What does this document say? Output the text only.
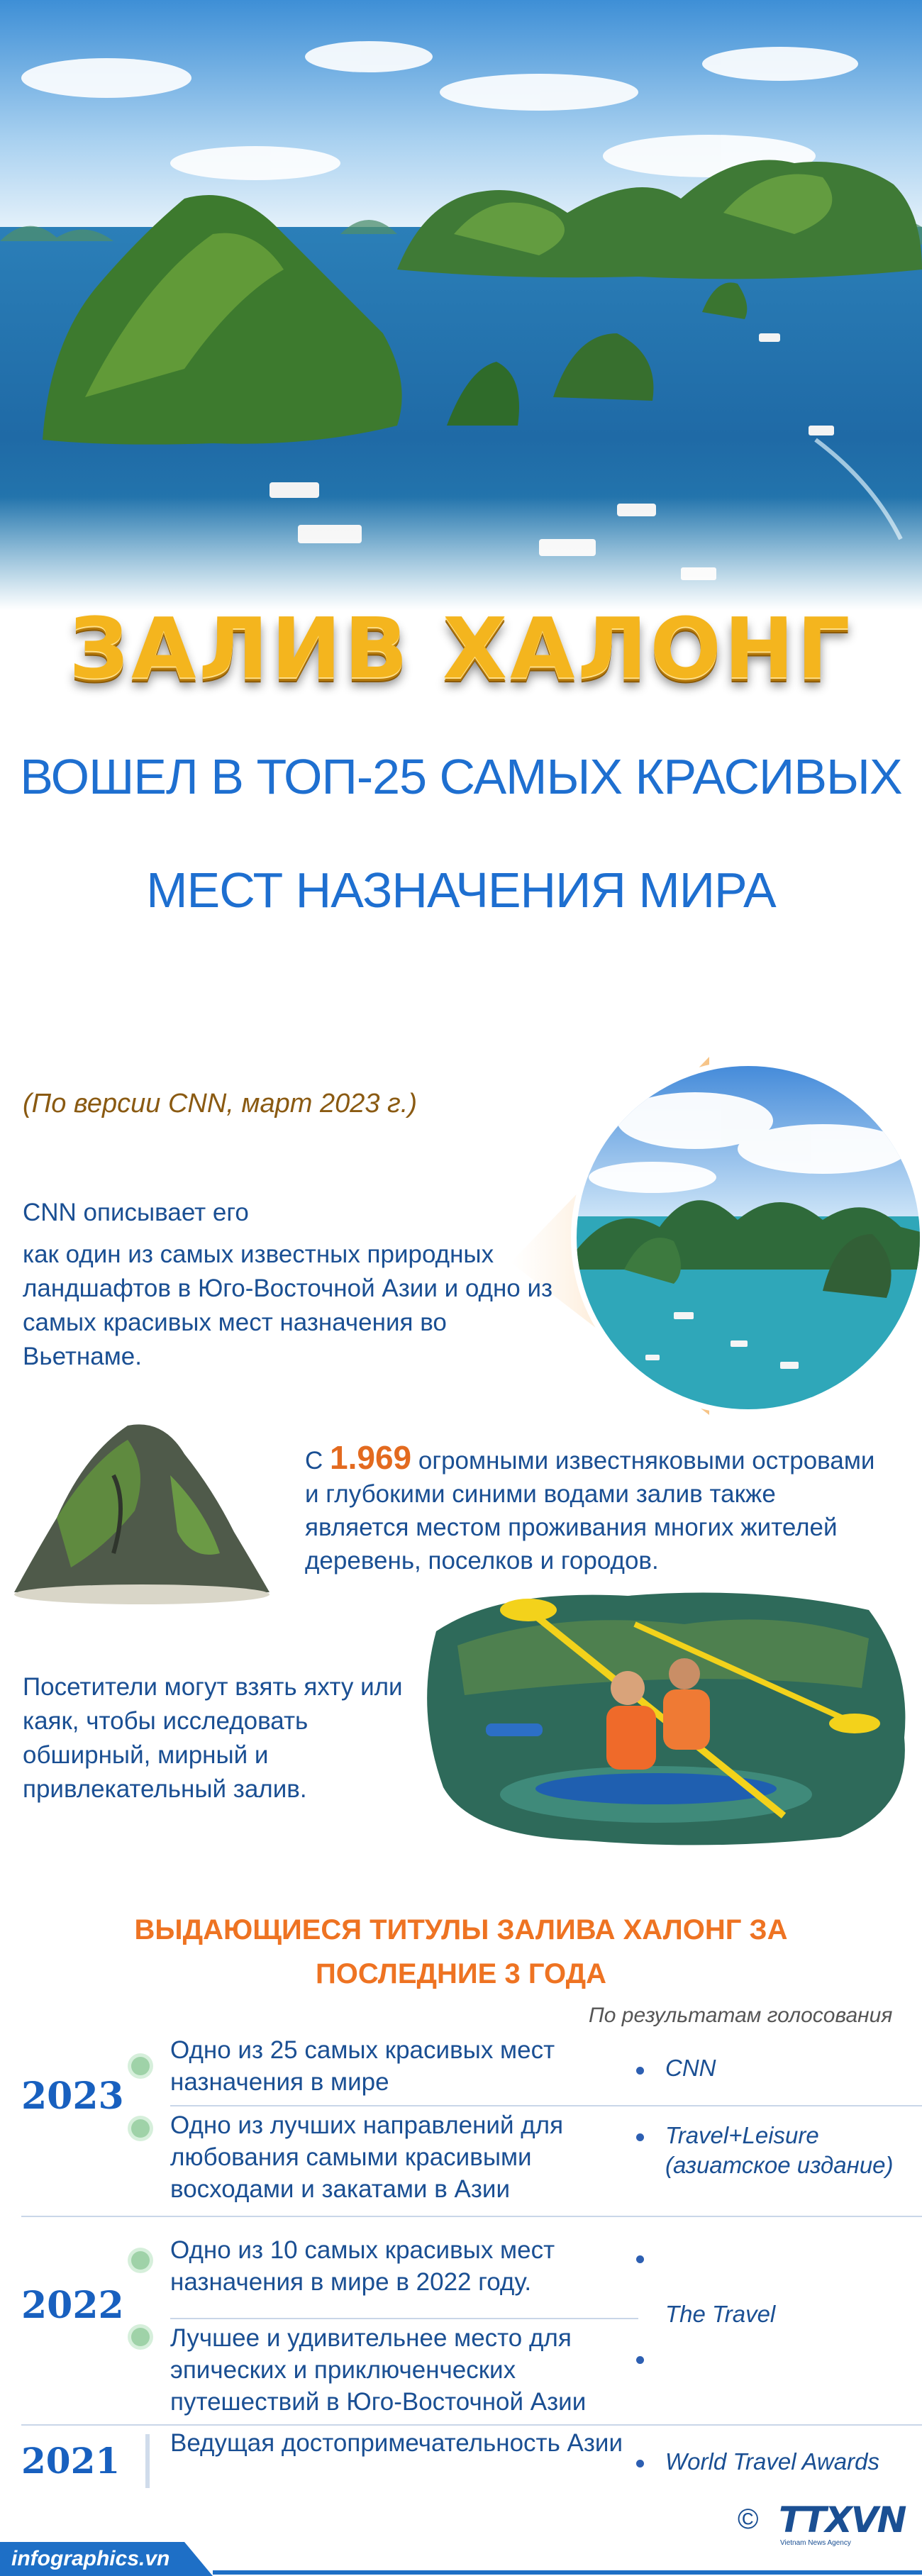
ЗАЛИВ ХАЛОНГ
ВОШЕЛ В ТОП-25 САМЫХ КРАСИВЫХ
МЕСТ НАЗНАЧЕНИЯ МИРА
(По версии CNN, март 2023 г.)
CNN описывает его
как один из самых известных природных ландшафтов в Юго-Восточной Азии и одно из самых красивых мест назначения во Вьетнаме.
С 1.969 огромными известняковыми островами и глубокими синими водами залив также является местом проживания многих жителей деревень, поселков и городов.
Посетители могут взять яхту или каяк, чтобы исследовать обширный, мирный и привлекательный залив.
ВЫДАЮЩИЕСЯ ТИТУЛЫ ЗАЛИВА ХАЛОНГ ЗА
ПОСЛЕДНИЕ 3 ГОДА
По результатам голосования
2023
Одно из 25 самых красивых мест назначения в мире
CNN
Одно из лучших направлений для любования самыми красивыми восходами и закатами в Азии
Travel+Leisure (азиатское издание)
2022
Одно из 10 самых красивых мест назначения в мире в 2022 году.
Лучшее и удивительнее место для эпических и приключенческих путешествий в Юго-Восточной Азии
The Travel
2021 Ведущая достопримечательность Азии
World Travel Awards
© TTXVN
Vietnam News Agency
infographics.vn
